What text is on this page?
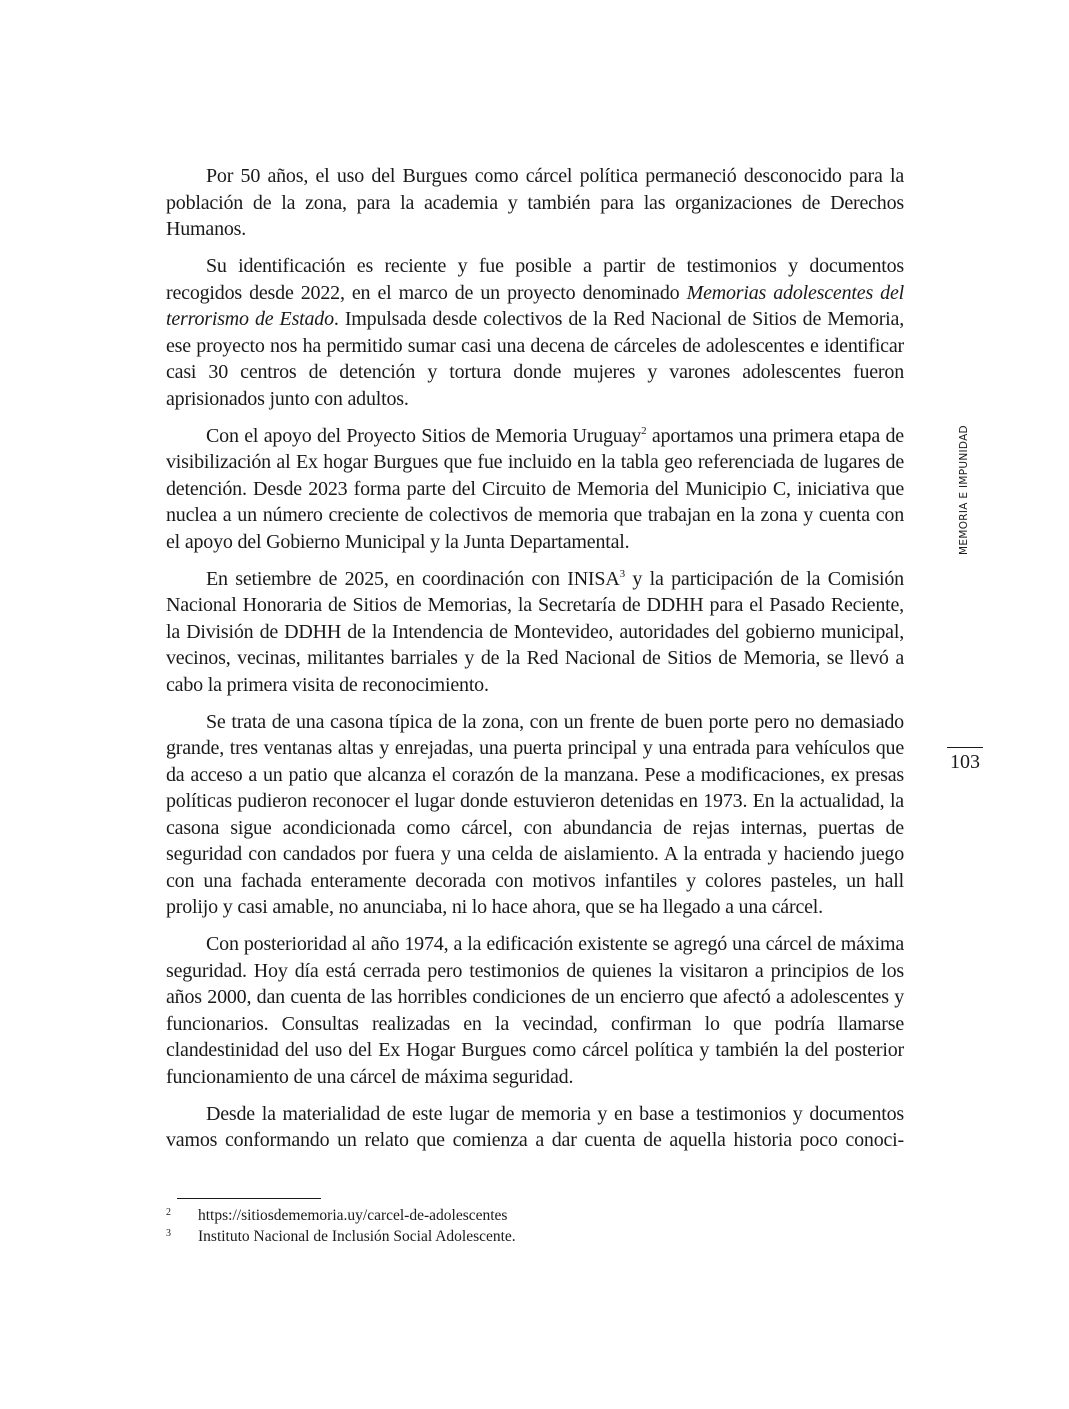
Por 50 años, el uso del Burgues como cárcel política permaneció desconocido para la población de la zona, para la academia y también para las organizaciones de Derechos Humanos.

Su identificación es reciente y fue posible a partir de testimonios y documentos recogidos desde 2022, en el marco de un proyecto denominado Memorias adolescentes del terrorismo de Estado. Impulsada desde colectivos de la Red Nacional de Sitios de Memoria, ese proyecto nos ha permitido sumar casi una decena de cárceles de adolescentes e identificar casi 30 centros de detención y tortura donde mujeres y varones adolescentes fueron aprisionados junto con adultos.

Con el apoyo del Proyecto Sitios de Memoria Uruguay$^2$ aportamos una primera etapa de visibilización al Ex hogar Burgues que fue incluido en la tabla geo referenciada de lugares de detención. Desde 2023 forma parte del Circuito de Memoria del Municipio C, iniciativa que nuclea a un número creciente de colectivos de memoria que trabajan en la zona y cuenta con el apoyo del Gobierno Municipal y la Junta Departamental.

En setiembre de 2025, en coordinación con INISA$^3$ y la participación de la Comisión Nacional Honoraria de Sitios de Memorias, la Secretaría de DDHH para el Pasado Reciente, la División de DDHH de la Intendencia de Montevideo, autoridades del gobierno municipal, vecinos, vecinas, militantes barriales y de la Red Nacional de Sitios de Memoria, se llevó a cabo la primera visita de reconocimiento.

Se trata de una casona típica de la zona, con un frente de buen porte pero no demasiado grande, tres ventanas altas y enrejadas, una puerta principal y una entrada para vehículos que da acceso a un patio que alcanza el corazón de la manzana. Pese a modificaciones, ex presas políticas pudieron reconocer el lugar donde estuvieron detenidas en 1973. En la actualidad, la casona sigue acondicionada como cárcel, con abundancia de rejas internas, puertas de seguridad con candados por fuera y una celda de aislamiento. A la entrada y haciendo juego con una fachada enteramente decorada con motivos infantiles y colores pasteles, un hall prolijo y casi amable, no anunciaba, ni lo hace ahora, que se ha llegado a una cárcel.

Con posterioridad al año 1974, a la edificación existente se agregó una cárcel de máxima seguridad. Hoy día está cerrada pero testimonios de quienes la visitaron a principios de los años 2000, dan cuenta de las horribles condiciones de un encierro que afectó a adolescentes y funcionarios. Consultas realizadas en la vecindad, confirman lo que podría llamarse clandestinidad del uso del Ex Hogar Burgues como cárcel política y también la del posterior funcionamiento de una cárcel de máxima seguridad.

Desde la materialidad de este lugar de memoria y en base a testimonios y documentos vamos conformando un relato que comienza a dar cuenta de aquella historia poco conoci-

2 https://sitiosdememoria.uy/carcel-de-adolescentes
3 Instituto Nacional de Inclusión Social Adolescente.
MEMORIA E IMPUNIDAD
103
